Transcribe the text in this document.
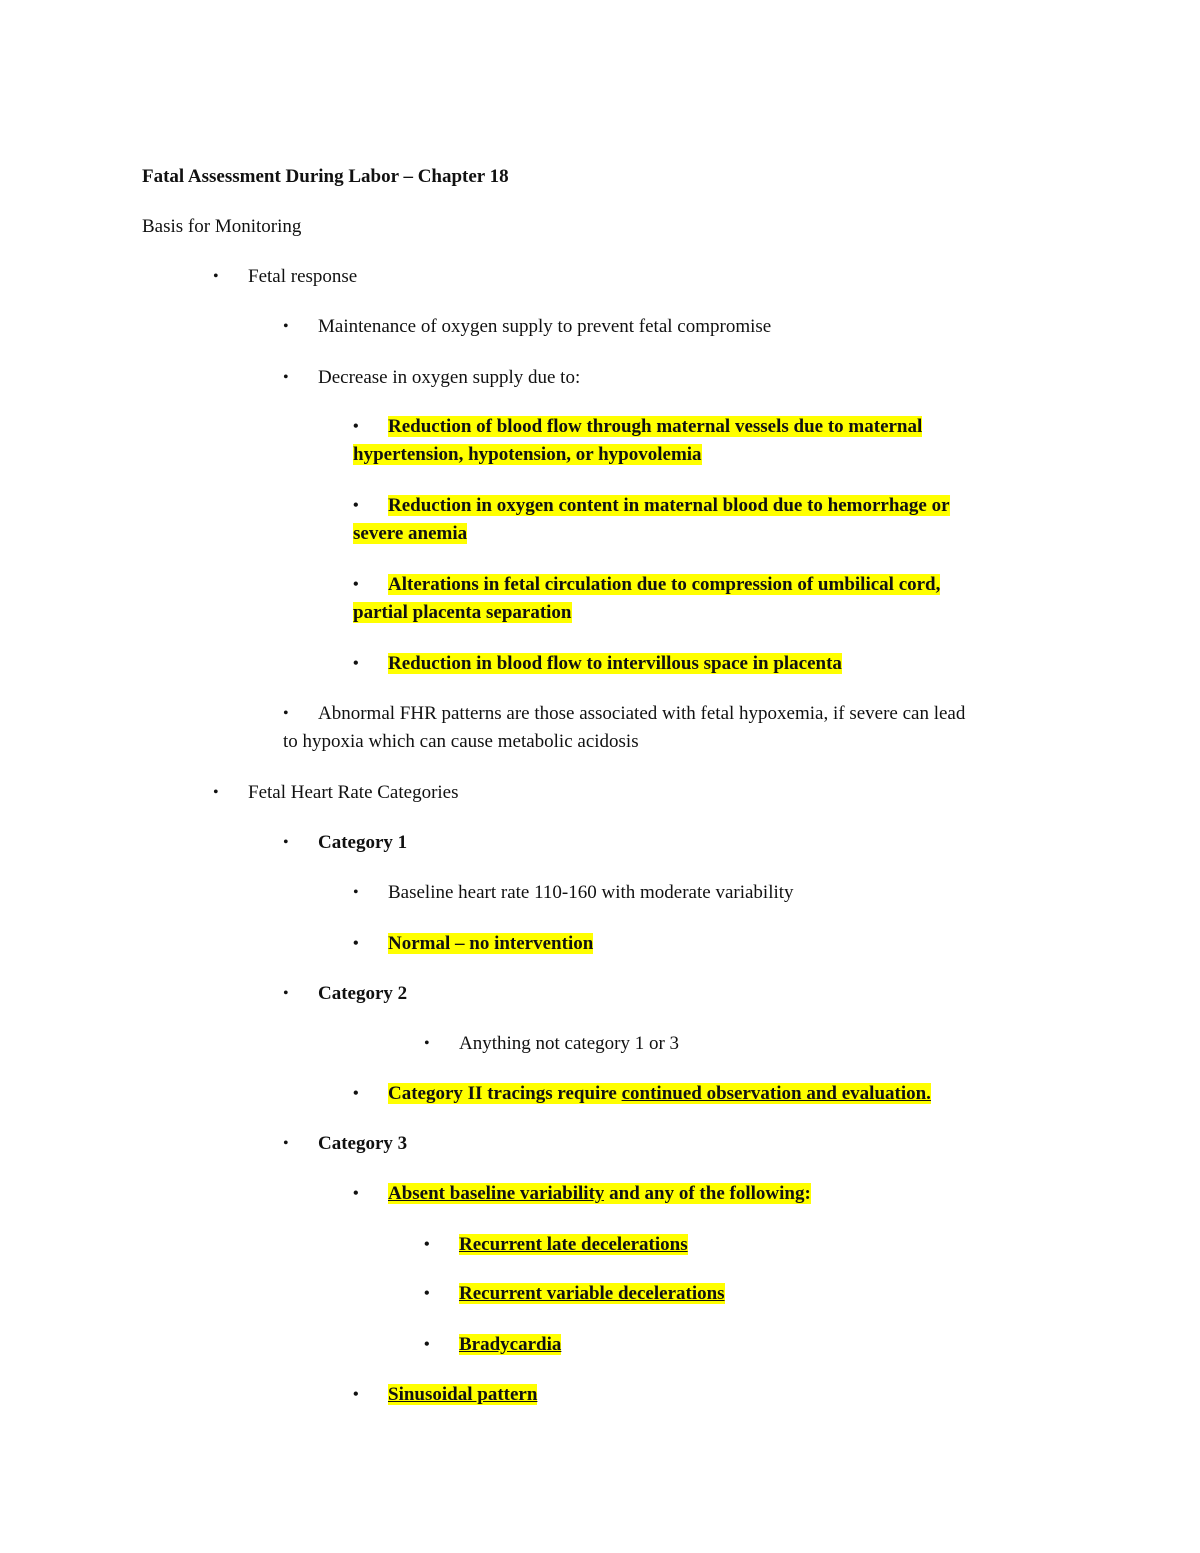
Fatal Assessment During Labor – Chapter 18
Basis for Monitoring
• Fetal response
• Maintenance of oxygen supply to prevent fetal compromise
• Decrease in oxygen supply due to:
• Reduction of blood flow through maternal vessels due to maternal
hypertension, hypotension, or hypovolemia
• Reduction in oxygen content in maternal blood due to hemorrhage or
severe anemia
• Alterations in fetal circulation due to compression of umbilical cord,
partial placenta separation
• Reduction in blood flow to intervillous space in placenta
• Abnormal FHR patterns are those associated with fetal hypoxemia, if severe can lead
to hypoxia which can cause metabolic acidosis
• Fetal Heart Rate Categories
• Category 1
• Baseline heart rate 110-160 with moderate variability
• Normal – no intervention
• Category 2
• Anything not category 1 or 3
• Category II tracings require continued observation and evaluation.
• Category 3
• Absent baseline variability and any of the following:
• Recurrent late decelerations
• Recurrent variable decelerations
• Bradycardia
• Sinusoidal pattern
